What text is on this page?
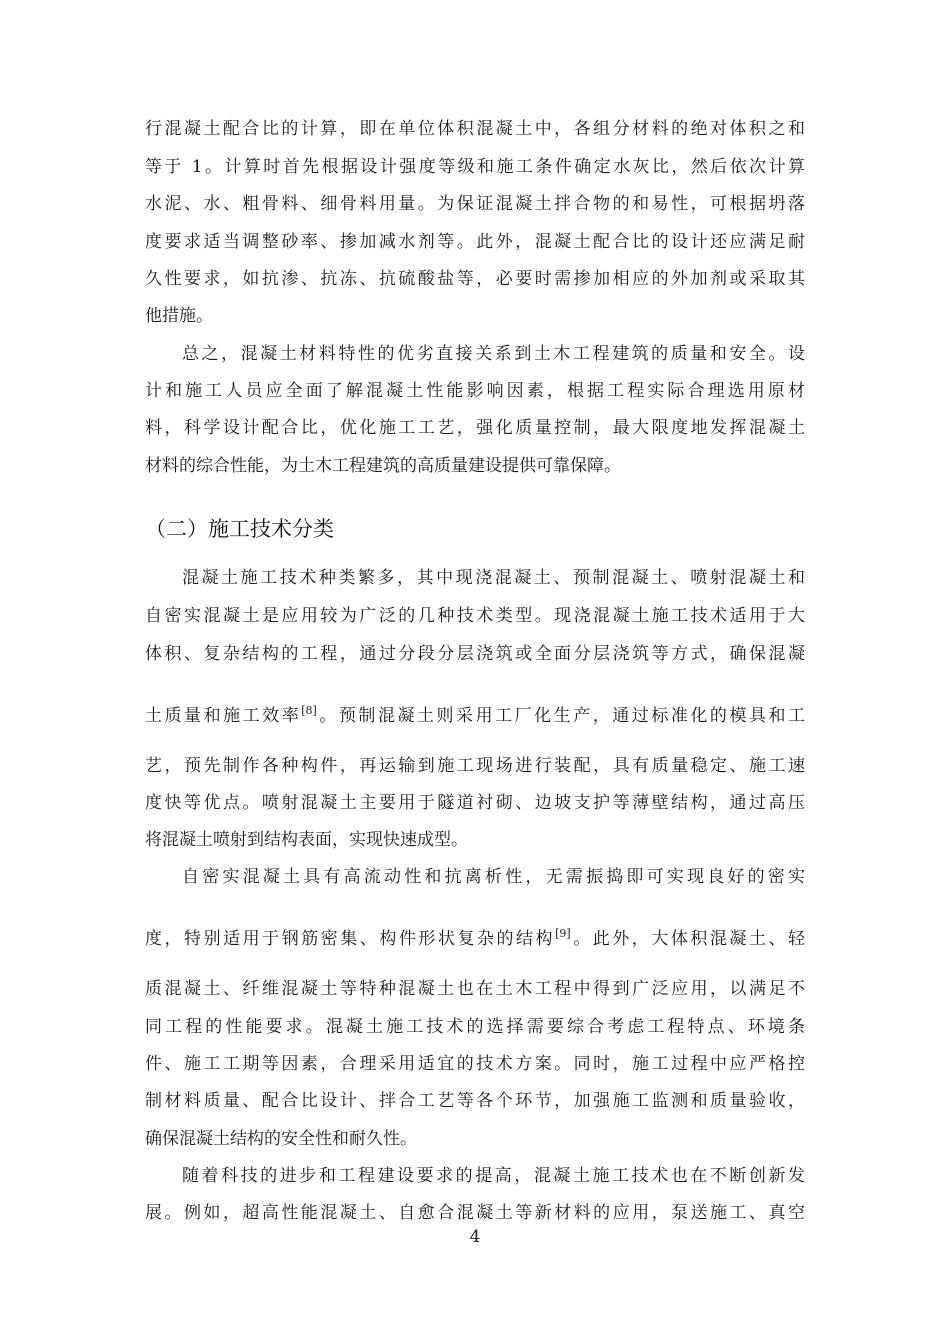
行混凝土配合比的计算，即在单位体积混凝土中，各组分材料的绝对体积之和
等于 1。计算时首先根据设计强度等级和施工条件确定水灰比，然后依次计算
水泥、水、粗骨料、细骨料用量。为保证混凝土拌合物的和易性，可根据坍落
度要求适当调整砂率、掺加减水剂等。此外，混凝土配合比的设计还应满足耐
久性要求，如抗渗、抗冻、抗硫酸盐等，必要时需掺加相应的外加剂或采取其
他措施。
总之，混凝土材料特性的优劣直接关系到土木工程建筑的质量和安全。设
计和施工人员应全面了解混凝土性能影响因素，根据工程实际合理选用原材
料，科学设计配合比，优化施工工艺，强化质量控制，最大限度地发挥混凝土
材料的综合性能，为土木工程建筑的高质量建设提供可靠保障。
（二）施工技术分类
混凝土施工技术种类繁多，其中现浇混凝土、预制混凝土、喷射混凝土和
自密实混凝土是应用较为广泛的几种技术类型。现浇混凝土施工技术适用于大
体积、复杂结构的工程，通过分段分层浇筑或全面分层浇筑等方式，确保混凝
土质量和施工效率[8]。预制混凝土则采用工厂化生产，通过标准化的模具和工
艺，预先制作各种构件，再运输到施工现场进行装配，具有质量稳定、施工速
度快等优点。喷射混凝土主要用于隧道衬砌、边坡支护等薄壁结构，通过高压
将混凝土喷射到结构表面，实现快速成型。
自密实混凝土具有高流动性和抗离析性，无需振捣即可实现良好的密实
度，特别适用于钢筋密集、构件形状复杂的结构[9]。此外，大体积混凝土、轻
质混凝土、纤维混凝土等特种混凝土也在土木工程中得到广泛应用，以满足不
同工程的性能要求。混凝土施工技术的选择需要综合考虑工程特点、环境条
件、施工工期等因素，合理采用适宜的技术方案。同时，施工过程中应严格控
制材料质量、配合比设计、拌合工艺等各个环节，加强施工监测和质量验收，
确保混凝土结构的安全性和耐久性。
随着科技的进步和工程建设要求的提高，混凝土施工技术也在不断创新发
展。例如，超高性能混凝土、自愈合混凝土等新材料的应用，泵送施工、真空
4
